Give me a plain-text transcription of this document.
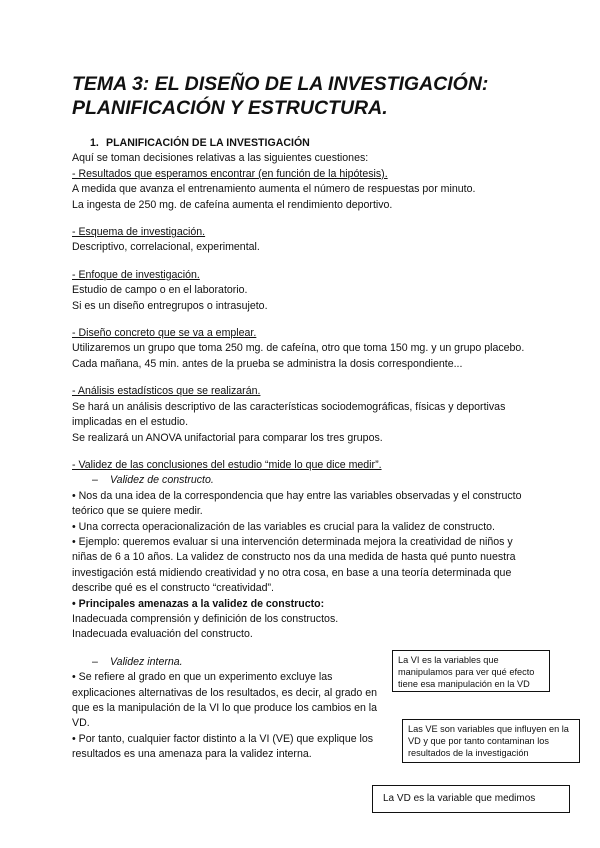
TEMA 3: EL DISEÑO DE LA INVESTIGACIÓN:
PLANIFICACIÓN Y ESTRUCTURA.

1. PLANIFICACIÓN DE LA INVESTIGACIÓN

Aquí se toman decisiones relativas a las siguientes cuestiones:

- Resultados que esperamos encontrar (en función de la hipótesis).

A medida que avanza el entrenamiento aumenta el número de respuestas por minuto.

La ingesta de 250 mg. de cafeína aumenta el rendimiento deportivo.

- Esquema de investigación.

Descriptivo, correlacional, experimental.

- Enfoque de investigación.

Estudio de campo o en el laboratorio.

Si es un diseño entregrupos o intrasujeto.

- Diseño concreto que se va a emplear.

Utilizaremos un grupo que toma 250 mg. de cafeína, otro que toma 150 mg. y un grupo placebo.

Cada mañana, 45 min. antes de la prueba se administra la dosis correspondiente...

- Análisis estadísticos que se realizarán.

Se hará un análisis descriptivo de las características sociodemográficas, físicas y deportivas implicadas en el estudio.

Se realizará un ANOVA unifactorial para comparar los tres grupos.

- Validez de las conclusiones del estudio “mide lo que dice medir”.

– Validez de constructo.

• Nos da una idea de la correspondencia que hay entre las variables observadas y el constructo teórico que se quiere medir.

• Una correcta operacionalización de las variables es crucial para la validez de constructo.

• Ejemplo: queremos evaluar si una intervención determinada mejora la creatividad de niños y niñas de 6 a 10 años. La validez de constructo nos da una medida de hasta qué punto nuestra investigación está midiendo creatividad y no otra cosa, en base a una teoría determinada que describe qué es el constructo “creatividad”.

• Principales amenazas a la validez de constructo:

Inadecuada comprensión y definición de los constructos.

Inadecuada evaluación del constructo.

– Validez interna.

• Se refiere al grado en que un experimento excluye las explicaciones alternativas de los resultados, es decir, al grado en que es la manipulación de la VI lo que produce los cambios en la VD.

• Por tanto, cualquier factor distinto a la VI (VE) que explique los resultados es una amenaza para la validez interna.

La VI es la variables que manipulamos para ver qué efecto tiene esa manipulación en la VD
Las VE son variables que influyen en la VD y que por tanto contaminan los resultados de la investigación
La VD es la variable que medimos
